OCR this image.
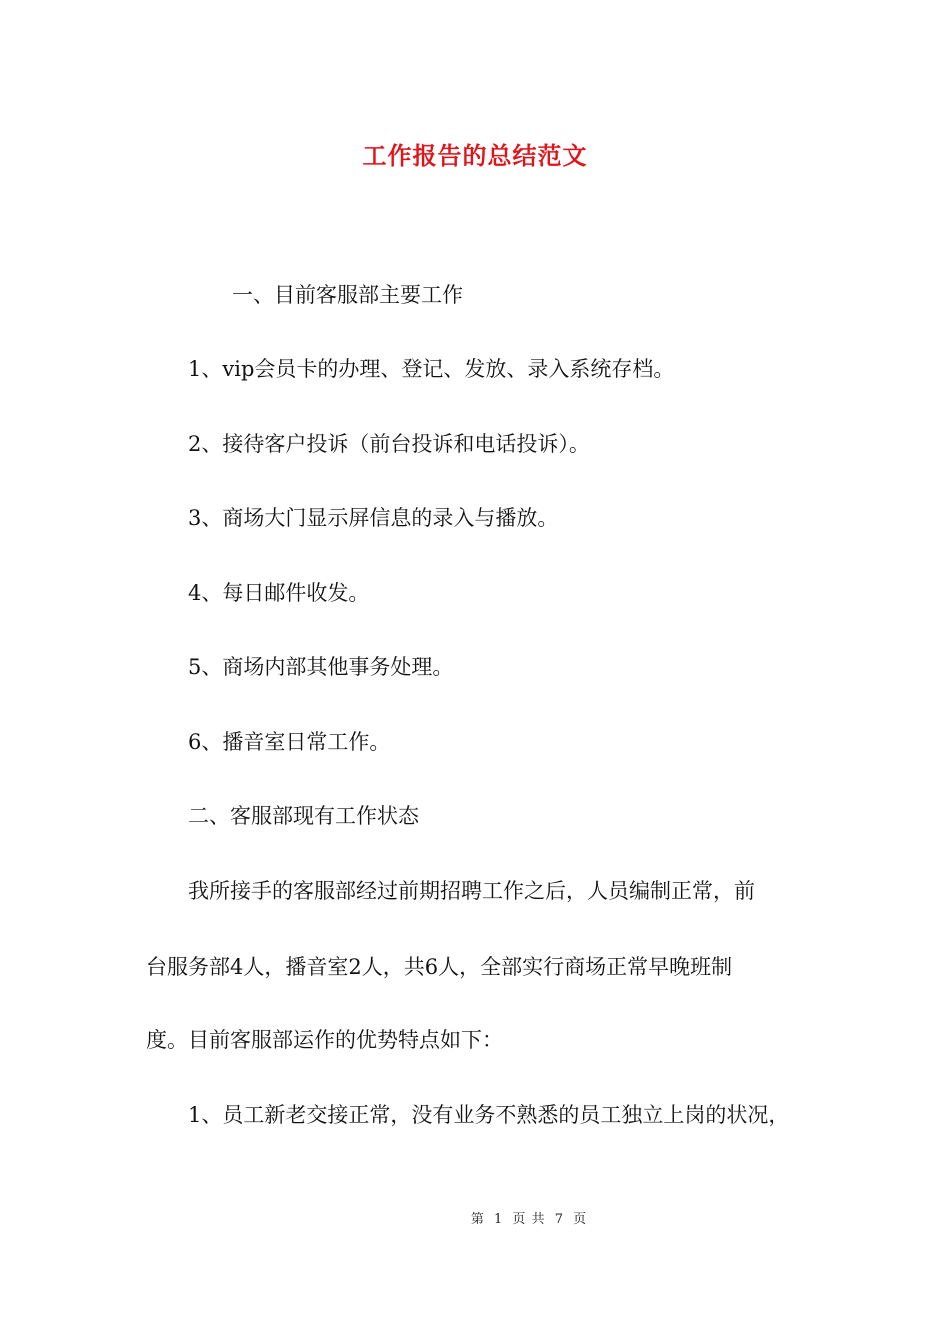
工作报告的总结范文
一、目前客服部主要工作
1、vip会员卡的办理、登记、发放、录入系统存档。
2、接待客户投诉（前台投诉和电话投诉）。
3、商场大门显示屏信息的录入与播放。
4、每日邮件收发。
5、商场内部其他事务处理。
6、播音室日常工作。
二、客服部现有工作状态
我所接手的客服部经过前期招聘工作之后，人员编制正常，前
台服务部4人，播音室2人，共6人，全部实行商场正常早晚班制
度。目前客服部运作的优势特点如下：
1、员工新老交接正常，没有业务不熟悉的员工独立上岗的状况，
第 1 页 共 7 页
